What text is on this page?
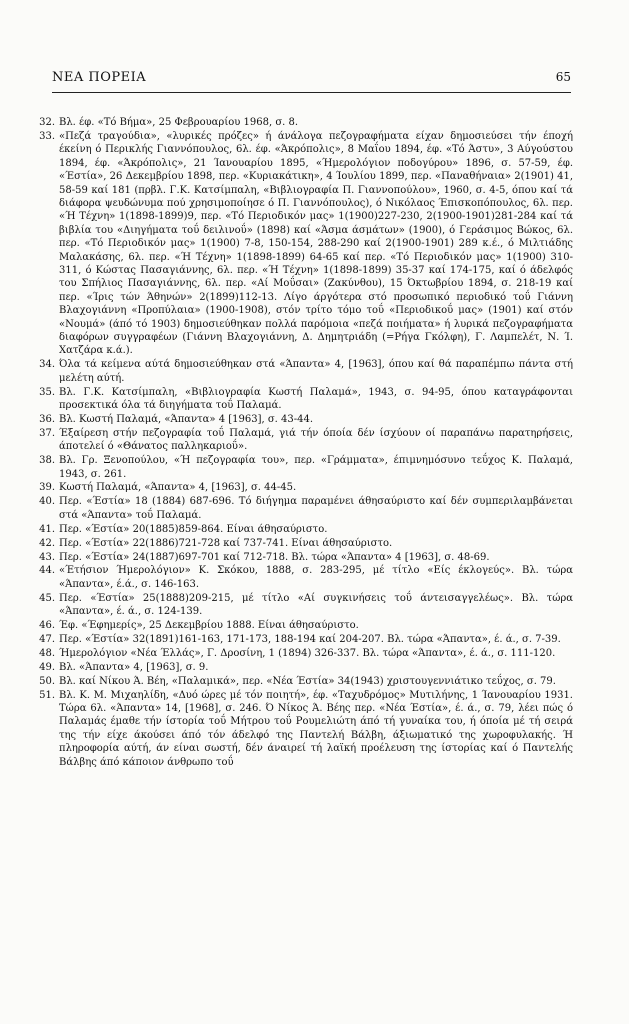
ΝΕΑ ΠΟΡΕΙΑ	65
32. Βλ. έφ. «Τό Βήμα», 25 Φεβρουαρίου 1968, σ. 8.
33. «Πεζά τραγούδια», «λυρικές πρόζες» ή άνάλογα πεζογραφήματα είχαν δημοσιεύσει τήν έποχή έκείνη ό Περικλής Γιαννόπουλος, 6λ. έφ. «Άκρόπολις», 8 Μαΐου 1894, έφ. «Τό Άστυ», 3 Αύγούστου 1894, έφ. «Άκρόπολις», 21 Ίανουαρίου 1895, «Ήμερολόγιον ποδογύρου» 1896, σ. 57-59, έφ. «Έστία», 26 Δεκεμβρίου 1898, περ. «Κυριακάτικη», 4 Ίουλίου 1899, περ. «Παναθήναια» 2(1901) 41, 58-59 καί 181 (πρβλ. Γ.Κ. Κατσίμπαλη, «Βιβλιογραφία Π. Γιαννοπούλου», 1960, σ. 4-5, όπου καί τά διάφορα ψευδώνυμα πού χρησιμοποίησε ό Π. Γιαννόπουλος), ό Νικόλαος Έπισκοπόπουλος, 6λ. περ. «Ή Τέχνη» 1(1898-1899)9, περ. «Τό Περιοδικόν μας» 1(1900)227-230, 2(1900-1901)281-284 καί τά βιβλία του «Διηγήματα τοΰ δειλινοΰ» (1898) καί «Άσμα άσμάτων» (1900), ό Γεράσιμος Βώκος, 6λ. περ. «Τό Περιοδικόν μας» 1(1900) 7-8, 150-154, 288-290 καί 2(1900-1901) 289 κ.έ., ό Μιλτιάδης Μαλακάσης, 6λ. περ. «Ή Τέχνη» 1(1898-1899) 64-65 καί περ. «Τό Περιοδικόν μας» 1(1900) 310-311, ό Κώστας Πασαγιάννης, 6λ. περ. «Ή Τέχνη» 1(1898-1899) 35-37 καί 174-175, καί ό άδελφός του Σπήλιος Πασαγιάννης, 6λ. περ. «Αί Μοΰσαι» (Ζακύνθου), 15 Όκτωβρίου 1894, σ. 218-19 καί περ. «Ίρις τών Άθηνών» 2(1899)112-13. Λίγο άργότερα στό προσωπικό περιοδικό τοΰ Γιάννη Βλαχογιάννη «Προπύλαια» (1900-1908), στόν τρίτο τόμο τοΰ «Περιοδικοΰ μας» (1901) καί στόν «Νουμά» (άπό τό 1903) δημοσιεύθηκαν πολλά παρόμοια «πεζά ποιήματα» ή λυρικά πεζογραφήματα διαφόρων συγγραφέων (Γιάννη Βλαχογιάννη, Δ. Δημητριάδη (=Ρήγα Γκόλφη), Γ. Λαμπελέτ, Ν. Ί. Χατζάρα κ.ά.).
34. Όλα τά κείμενα αύτά δημοσιεύθηκαν στά «Άπαντα» 4, [1963], όπου καί θά παραπέμπω πάντα στή μελέτη αύτή.
35. Βλ. Γ.Κ. Κατσίμπαλη, «Βιβλιογραφία Κωστή Παλαμά», 1943, σ. 94-95, όπου καταγράφονται προσεκτικά όλα τά διηγήματα τοΰ Παλαμά.
36. Βλ. Κωστή Παλαμά, «Άπαντα» 4 [1963], σ. 43-44.
37. Έξαίρεση στήν πεζογραφία τοΰ Παλαμά, γιά τήν όποία δέν ίσχύουν οί παραπάνω παρατηρήσεις, άποτελεί ό «Θάνατος παλληκαριοΰ».
38. Βλ. Γρ. Ξενοπούλου, «Ή πεζογραφία του», περ. «Γράμματα», έπιμνημόσυνο τεΰχος Κ. Παλαμά, 1943, σ. 261.
39. Κωστή Παλαμά, «Άπαντα» 4, [1963], σ. 44-45.
40. Περ. «Έστία» 18 (1884) 687-696. Τό διήγημα παραμένει άθησαύριστο καί δέν συμπεριλαμβάνεται στά «Άπαντα» τοΰ Παλαμά.
41. Περ. «Έστία» 20(1885)859-864. Είναι άθησαύριστο.
42. Περ. «Έστία» 22(1886)721-728 καί 737-741. Είναι άθησαύριστο.
43. Περ. «Έστία» 24(1887)697-701 καί 712-718. Βλ. τώρα «Άπαντα» 4 [1963], σ. 48-69.
44. «Έτήσιον Ήμερολόγιον» Κ. Σκόκου, 1888, σ. 283-295, μέ τίτλο «Είς έκλογεύς». Βλ. τώρα «Άπαντα», έ.ά., σ. 146-163.
45. Περ. «Έστία» 25(1888)209-215, μέ τίτλο «Αί συγκινήσεις τοΰ άντεισαγγελέως». Βλ. τώρα «Άπαντα», έ. ά., σ. 124-139.
46. Έφ. «Έφημερίς», 25 Δεκεμβρίου 1888. Είναι άθησαύριστο.
47. Περ. «Έστία» 32(1891)161-163, 171-173, 188-194 καί 204-207. Βλ. τώρα «Άπαντα», έ. ά., σ. 7-39.
48. Ήμερολόγιον «Νέα Έλλάς», Γ. Δροσίνη, 1 (1894) 326-337. Βλ. τώρα «Άπαντα», έ. ά., σ. 111-120.
49. Βλ. «Άπαντα» 4, [1963], σ. 9.
50. Βλ. καί Νίκου Ά. Βέη, «Παλαμικά», περ. «Νέα Έστία» 34(1943) χριστουγεννιάτικο τεΰχος, σ. 79.
51. Βλ. Κ. Μ. Μιχαηλίδη, «Δυό ώρες μέ τόν ποιητή», έφ. «Ταχυδρόμος» Μυτιλήνης, 1 Ίανουαρίου 1931. Τώρα 6λ. «Άπαντα» 14, [1968], σ. 246. Ό Νίκος Ά. Βέης περ. «Νέα Έστία», έ. ά., σ. 79, λέει πώς ό Παλαμάς έμαθε τήν ίστορία τοΰ Μήτρου τοΰ Ρουμελιώτη άπό τή γυναίκα του, ή όποία μέ τή σειρά της τήν είχε άκούσει άπό τόν άδελφό της Παντελή Βάλβη, άξιωματικό της χωροφυλακής. Ή πληροφορία αύτή, άν είναι σωστή, δέν άναιρεί τή λαϊκή προέλευση της ίστορίας καί ό Παντελής Βάλβης άπό κάποιον άνθρωπο τοΰ
